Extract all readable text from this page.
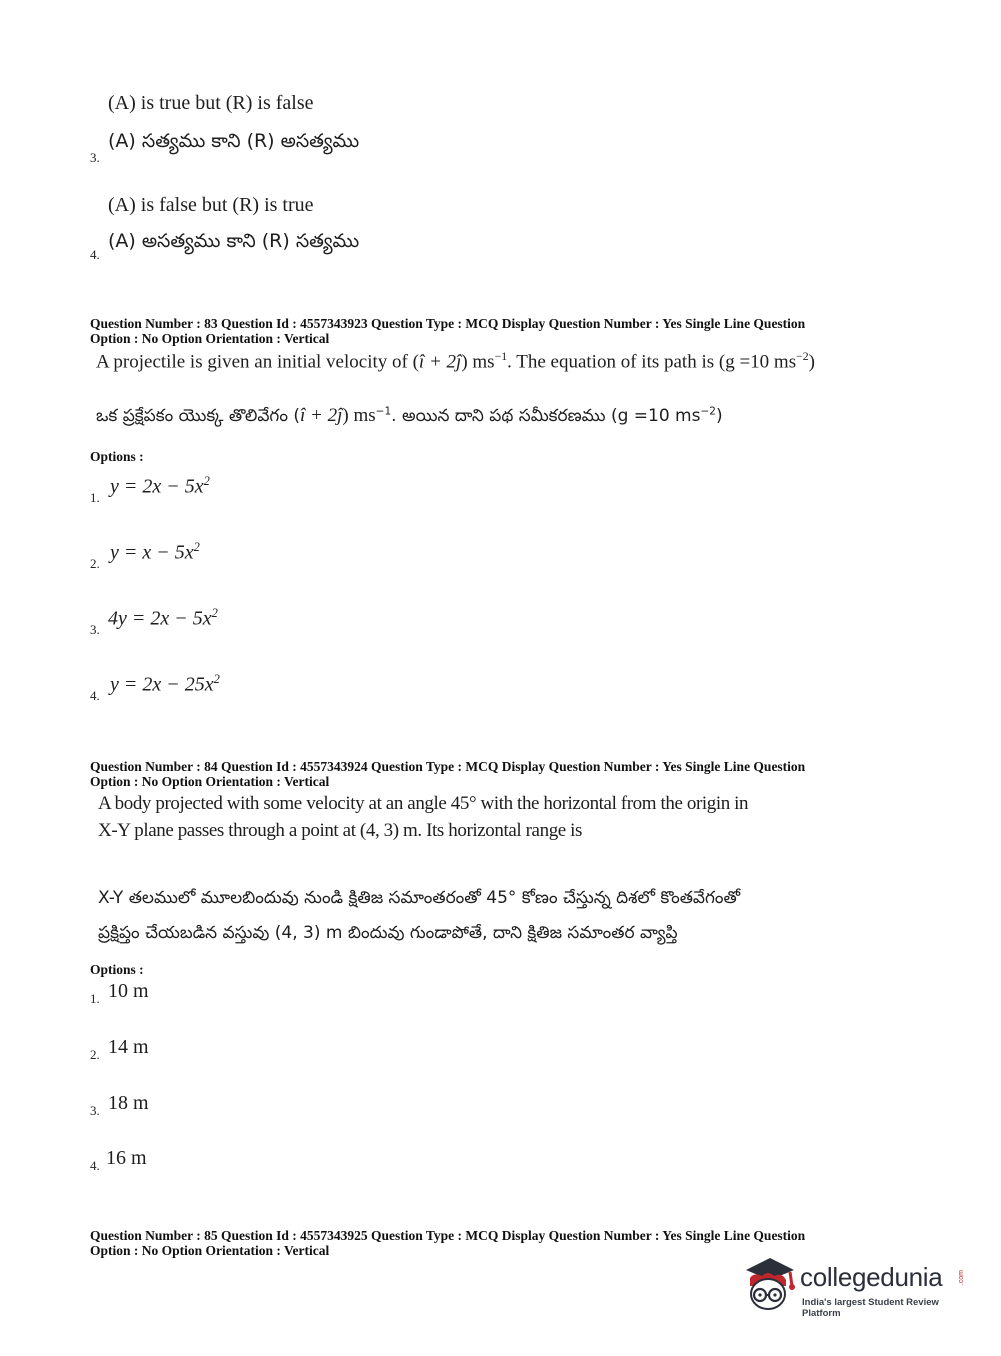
(A) is true but (R) is false
(A) సత్యము కాని (R) అసత్యము
3.
(A) is false but (R) is true
(A) అసత్యము కాని (R) సత్యము
4.
Question Number : 83 Question Id : 4557343923 Question Type : MCQ Display Question Number : Yes Single Line Question
Option : No Option Orientation : Vertical
A projectile is given an initial velocity of (î + 2ĵ) $ms^{-1}$. The equation of its path is (g =10 $ms^{-2}$)
ఒక ప్రక్షేపకం యొక్క తొలివేగం (î + 2ĵ) $ms^{-1}$. అయిన దాని పథ సమీకరణము (g =10 $ms^{-2}$)
Options :
1. $y = 2x - 5x^2$
2. $y = x - 5x^2$
3. $4y = 2x - 5x^2$
4. $y = 2x - 25x^2$
Question Number : 84 Question Id : 4557343924 Question Type : MCQ Display Question Number : Yes Single Line Question
Option : No Option Orientation : Vertical
A body projected with some velocity at an angle 45° with the horizontal from the origin in
X-Y plane passes through a point at (4, 3) m. Its horizontal range is
X-Y తలములో మూలబిందువు నుండి క్షితిజ సమాంతరంతో 45° కోణం చేస్తున్న దిశలో కొంతవేగంతో
ప్రక్షిప్తం చేయబడిన వస్తువు (4, 3) m బిందువు గుండాపోతే, దాని క్షితిజ సమాంతర వ్యాప్తి
Options :
1. 10 m
2. 14 m
3. 18 m
4. 16 m
Question Number : 85 Question Id : 4557343925 Question Type : MCQ Display Question Number : Yes Single Line Question
Option : No Option Orientation : Vertical
collegedunia .com
India's largest Student Review Platform
